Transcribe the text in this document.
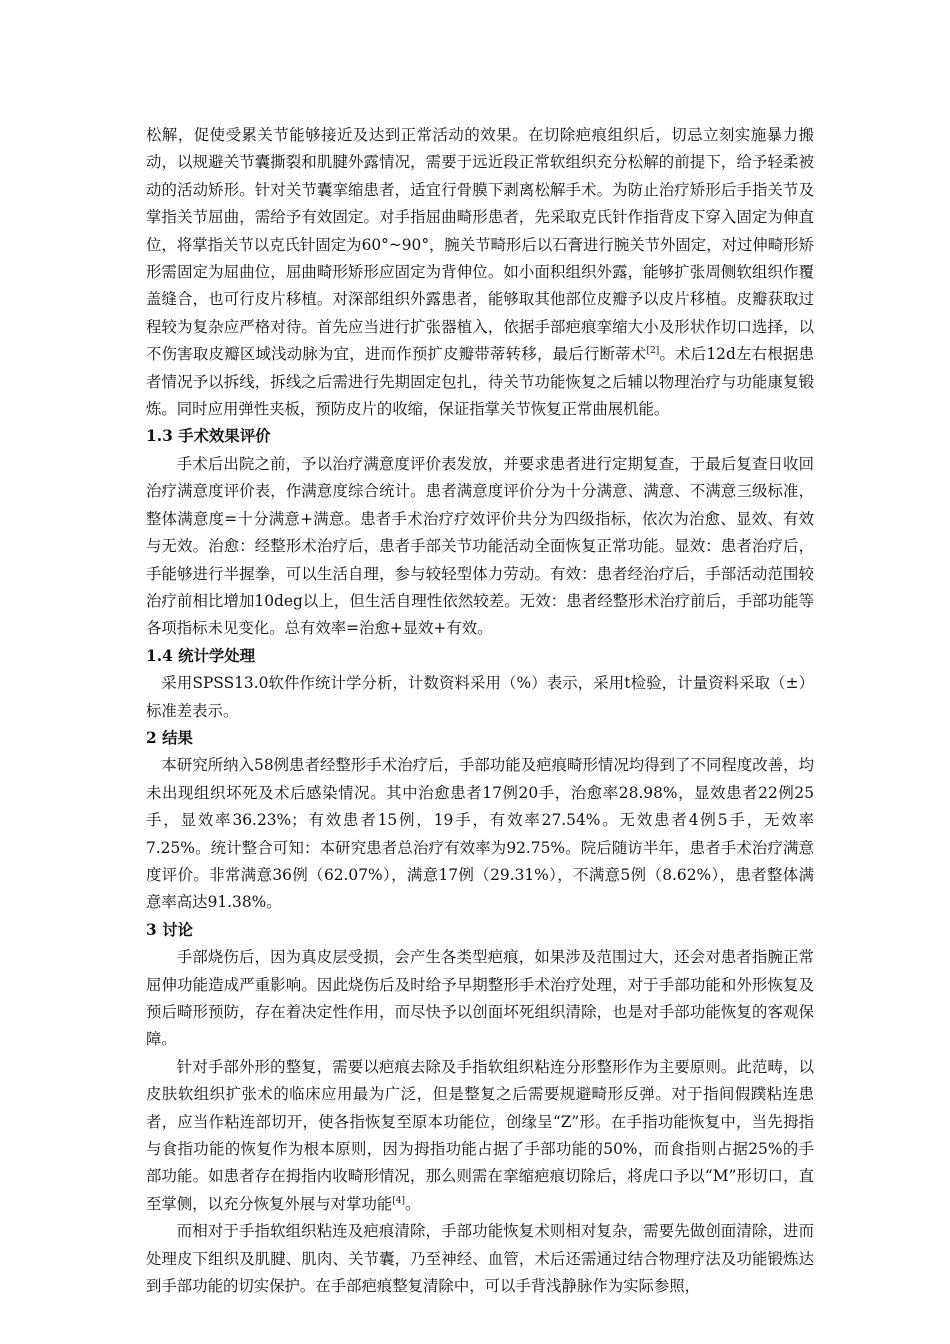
松解，促使受累关节能够接近及达到正常活动的效果。在切除疤痕组织后，切忌立刻实施暴力搬动，以规避关节囊撕裂和肌腱外露情况，需要于远近段正常软组织充分松解的前提下，给予轻柔被动的活动矫形。针对关节囊挛缩患者，适宜行骨膜下剥离松解手术。为防止治疗矫形后手指关节及掌指关节屈曲，需给予有效固定。对手指屈曲畸形患者，先采取克氏针作指背皮下穿入固定为伸直位，将掌指关节以克氏针固定为60°~90°，腕关节畸形后以石膏进行腕关节外固定，对过伸畸形矫形需固定为屈曲位，屈曲畸形矫形应固定为背伸位。如小面积组织外露，能够扩张周侧软组织作覆盖缝合，也可行皮片移植。对深部组织外露患者，能够取其他部位皮瓣予以皮片移植。皮瓣获取过程较为复杂应严格对待。首先应当进行扩张器植入，依据手部疤痕挛缩大小及形状作切口选择，以不伤害取皮瓣区域浅动脉为宜，进而作预扩皮瓣带蒂转移，最后行断蒂术[2]。术后12d左右根据患者情况予以拆线，拆线之后需进行先期固定包扎，待关节功能恢复之后辅以物理治疗与功能康复锻炼。同时应用弹性夹板，预防皮片的收缩，保证指掌关节恢复正常曲展机能。

1.3 手术效果评价

手术后出院之前，予以治疗满意度评价表发放，并要求患者进行定期复查，于最后复查日收回治疗满意度评价表，作满意度综合统计。患者满意度评价分为十分满意、满意、不满意三级标准，整体满意度=十分满意+满意。患者手术治疗疗效评价共分为四级指标，依次为治愈、显效、有效与无效。治愈：经整形术治疗后，患者手部关节功能活动全面恢复正常功能。显效：患者治疗后，手能够进行半握拳，可以生活自理，参与较轻型体力劳动。有效：患者经治疗后，手部活动范围较治疗前相比增加10deg以上，但生活自理性依然较差。无效：患者经整形术治疗前后，手部功能等各项指标未见变化。总有效率=治愈+显效+有效。

1.4 统计学处理

采用SPSS13.0软件作统计学分析，计数资料采用（%）表示，采用t检验，计量资料采取（±）标准差表示。

2 结果

本研究所纳入58例患者经整形手术治疗后，手部功能及疤痕畸形情况均得到了不同程度改善，均未出现组织坏死及术后感染情况。其中治愈患者17例20手，治愈率28.98%，显效患者22例25手，显效率36.23%；有效患者15例，19手，有效率27.54%。无效患者4例5手，无效率7.25%。统计整合可知：本研究患者总治疗有效率为92.75%。院后随访半年，患者手术治疗满意度评价。非常满意36例（62.07%），满意17例（29.31%），不满意5例（8.62%），患者整体满意率高达91.38%。

3 讨论

手部烧伤后，因为真皮层受损，会产生各类型疤痕，如果涉及范围过大，还会对患者指腕正常屈伸功能造成严重影响。因此烧伤后及时给予早期整形手术治疗处理，对于手部功能和外形恢复及预后畸形预防，存在着决定性作用，而尽快予以创面坏死组织清除，也是对手部功能恢复的客观保障。

针对手部外形的整复，需要以疤痕去除及手指软组织粘连分形整形作为主要原则。此范畴，以皮肤软组织扩张术的临床应用最为广泛，但是整复之后需要规避畸形反弹。对于指间假蹼粘连患者，应当作粘连部切开，使各指恢复至原本功能位，创缘呈“Z”形。在手指功能恢复中，当先拇指与食指功能的恢复作为根本原则，因为拇指功能占据了手部功能的50%，而食指则占据25%的手部功能。如患者存在拇指内收畸形情况，那么则需在挛缩疤痕切除后，将虎口予以“M”形切口，直至掌侧，以充分恢复外展与对掌功能[4]。

而相对于手指软组织粘连及疤痕清除，手部功能恢复术则相对复杂，需要先做创面清除，进而处理皮下组织及肌腱、肌肉、关节囊，乃至神经、血管，术后还需通过结合物理疗法及功能锻炼达到手部功能的切实保护。在手部疤痕整复清除中，可以手背浅静脉作为实际参照，
